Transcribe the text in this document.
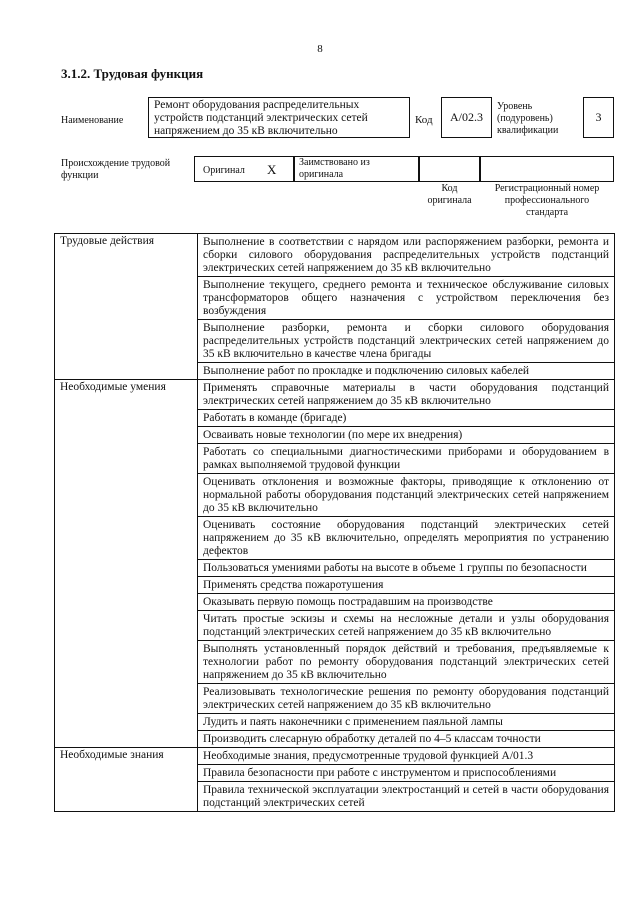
8
3.1.2. Трудовая функция
Наименование
Ремонт оборудования распределительных устройств подстанций электрических сетей напряжением до 35 кВ включительно
Код A/02.3
Уровень (подуровень) квалификации
3
Происхождение трудовой функции	Оригинал X Заимствовано из оригинала
Код оригинала
Регистрационный номер профессионального стандарта
Трудовые действия	Выполнение в соответствии с нарядом или распоряжением разборки, ремонта и сборки силового оборудования распределительных устройств подстанций электрических сетей напряжением до 35 кВ включительно
	Выполнение текущего, среднего ремонта и техническое обслуживание силовых трансформаторов общего назначения с устройством переключения без возбуждения
	Выполнение разборки, ремонта и сборки силового оборудования распределительных устройств подстанций электрических сетей напряжением до 35 кВ включительно в качестве члена бригады
	Выполнение работ по прокладке и подключению силовых кабелей
Необходимые умения	Применять справочные материалы в части оборудования подстанций электрических сетей напряжением до 35 кВ включительно
	Работать в команде (бригаде)
	Осваивать новые технологии (по мере их внедрения)
	Работать со специальными диагностическими приборами и оборудованием в рамках выполняемой трудовой функции
	Оценивать отклонения и возможные факторы, приводящие к отклонению от нормальной работы оборудования подстанций электрических сетей напряжением до 35 кВ включительно
	Оценивать состояние оборудования подстанций электрических сетей напряжением до 35 кВ включительно, определять мероприятия по устранению дефектов
	Пользоваться умениями работы на высоте в объеме 1 группы по безопасности
	Применять средства пожаротушения
	Оказывать первую помощь пострадавшим на производстве
	Читать простые эскизы и схемы на несложные детали и узлы оборудования подстанций электрических сетей напряжением до 35 кВ включительно
	Выполнять установленный порядок действий и требования, предъявляемые к технологии работ по ремонту оборудования подстанций электрических сетей напряжением до 35 кВ включительно
	Реализовывать технологические решения по ремонту оборудования подстанций электрических сетей напряжением до 35 кВ включительно
	Лудить и паять наконечники с применением паяльной лампы
	Производить слесарную обработку деталей по 4–5 классам точности
Необходимые знания	Необходимые знания, предусмотренные трудовой функцией А/01.3
	Правила безопасности при работе с инструментом и приспособлениями
	Правила технической эксплуатации электростанций и сетей в части оборудования подстанций электрических сетей
